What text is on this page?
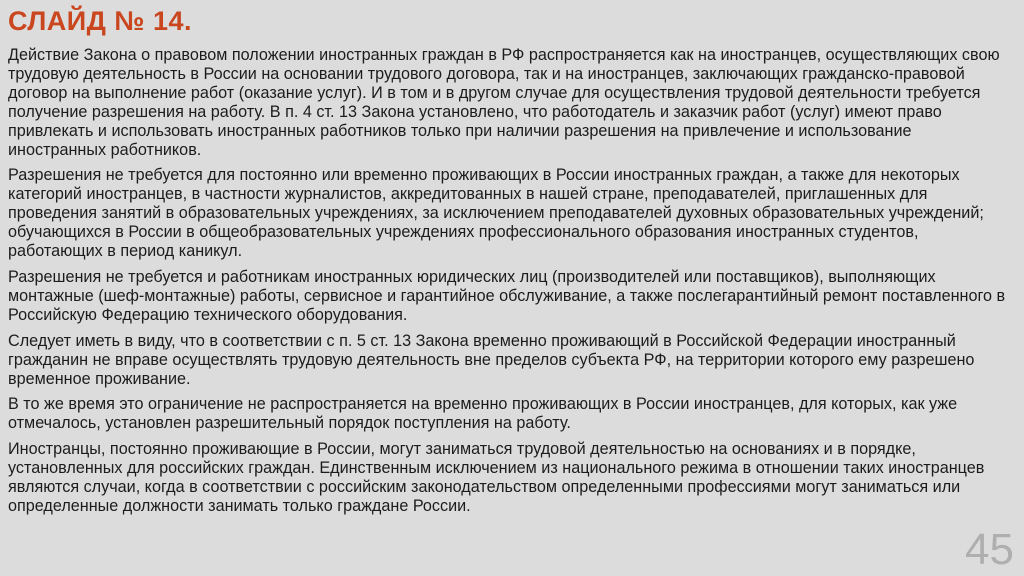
СЛАЙД № 14.

Действие Закона о правовом положении иностранных граждан в РФ распространяется как на иностранцев, осуществляющих свою трудовую деятельность в России на основании трудового договора, так и на иностранцев, заключающих гражданско-правовой договор на выполнение работ (оказание услуг). И в том и в другом случае для осуществления трудовой деятельности требуется получение разрешения на работу. В п. 4 ст. 13 Закона установлено, что работодатель и заказчик работ (услуг) имеют право привлекать и использовать иностранных работников только при наличии разрешения на привлечение и использование иностранных работников.

Разрешения не требуется для постоянно или временно проживающих в России иностранных граждан, а также для некоторых категорий иностранцев, в частности журналистов, аккредитованных в нашей стране, преподавателей, приглашенных для проведения занятий в образовательных учреждениях, за исключением преподавателей духовных образовательных учреждений; обучающихся в России в общеобразовательных учреждениях профессионального образования иностранных студентов, работающих в период каникул.

Разрешения не требуется и работникам иностранных юридических лиц (производителей или поставщиков), выполняющих монтажные (шеф-монтажные) работы, сервисное и гарантийное обслуживание, а также послегарантийный ремонт поставленного в Российскую Федерацию технического оборудования.

Следует иметь в виду, что в соответствии с п. 5 ст. 13 Закона временно проживающий в Российской Федерации иностранный гражданин не вправе осуществлять трудовую деятельность вне пределов субъекта РФ, на территории которого ему разрешено временное проживание.

В то же время это ограничение не распространяется на временно проживающих в России иностранцев, для которых, как уже отмечалось, установлен разрешительный порядок поступления на работу.

Иностранцы, постоянно проживающие в России, могут заниматься трудовой деятельностью на основаниях и в порядке, установленных для российских граждан. Единственным исключением из национального режима в отношении таких иностранцев являются случаи, когда в соответствии с российским законодательством определенными профессиями могут заниматься или определенные должности занимать только граждане России.

45
